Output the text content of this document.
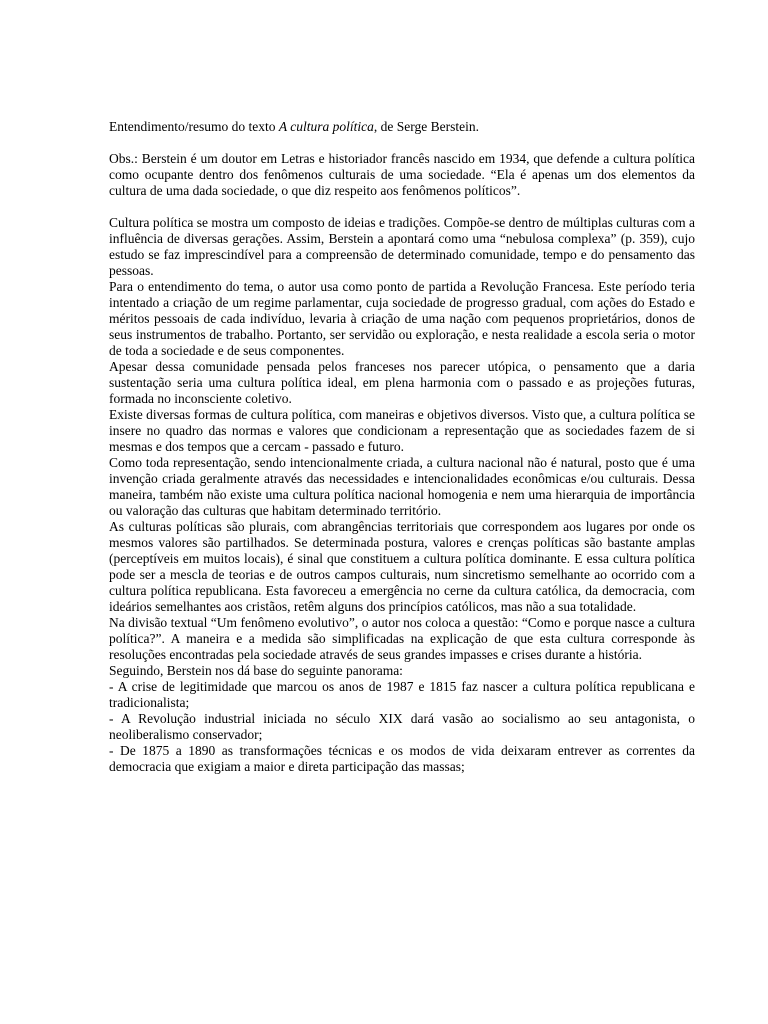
Entendimento/resumo do texto A cultura política, de Serge Berstein.

Obs.: Berstein é um doutor em Letras e historiador francês nascido em 1934, que defende a cultura política como ocupante dentro dos fenômenos culturais de uma sociedade. “Ela é apenas um dos elementos da cultura de uma dada sociedade, o que diz respeito aos fenômenos políticos”.

Cultura política se mostra um composto de ideias e tradições. Compõe-se dentro de múltiplas culturas com a influência de diversas gerações. Assim, Berstein a apontará como uma “nebulosa complexa” (p. 359), cujo estudo se faz imprescindível para a compreensão de determinado comunidade, tempo e do pensamento das pessoas.

Para o entendimento do tema, o autor usa como ponto de partida a Revolução Francesa. Este período teria intentado a criação de um regime parlamentar, cuja sociedade de progresso gradual, com ações do Estado e méritos pessoais de cada indivíduo, levaria à criação de uma nação com pequenos proprietários, donos de seus instrumentos de trabalho. Portanto, ser servidão ou exploração, e nesta realidade a escola seria o motor de toda a sociedade e de seus componentes.

Apesar dessa comunidade pensada pelos franceses nos parecer utópica, o pensamento que a daria sustentação seria uma cultura política ideal, em plena harmonia com o passado e as projeções futuras, formada no inconsciente coletivo.

Existe diversas formas de cultura política, com maneiras e objetivos diversos. Visto que, a cultura política se insere no quadro das normas e valores que condicionam a representação que as sociedades fazem de si mesmas e dos tempos que a cercam - passado e futuro.

Como toda representação, sendo intencionalmente criada, a cultura nacional não é natural, posto que é uma invenção criada geralmente através das necessidades e intencionalidades econômicas e/ou culturais. Dessa maneira, também não existe uma cultura política nacional homogenia e nem uma hierarquia de importância ou valoração das culturas que habitam determinado território.

As culturas políticas são plurais, com abrangências territoriais que correspondem aos lugares por onde os mesmos valores são partilhados. Se determinada postura, valores e crenças políticas são bastante amplas (perceptíveis em muitos locais), é sinal que constituem a cultura política dominante. E essa cultura política pode ser a mescla de teorias e de outros campos culturais, num sincretismo semelhante ao ocorrido com a cultura política republicana. Esta favoreceu a emergência no cerne da cultura católica, da democracia, com ideários semelhantes aos cristãos, retêm alguns dos princípios católicos, mas não a sua totalidade.

Na divisão textual “Um fenômeno evolutivo”, o autor nos coloca a questão: “Como e porque nasce a cultura política?”. A maneira e a medida são simplificadas na explicação de que esta cultura corresponde às resoluções encontradas pela sociedade através de seus grandes impasses e crises durante a história.

Seguindo, Berstein nos dá base do seguinte panorama:

- A crise de legitimidade que marcou os anos de 1987 e 1815 faz nascer a cultura política republicana e tradicionalista;

- A Revolução industrial iniciada no século XIX dará vasão ao socialismo ao seu antagonista, o neoliberalismo conservador;

- De 1875 a 1890 as transformações técnicas e os modos de vida deixaram entrever as correntes da democracia que exigiam a maior e direta participação das massas;
